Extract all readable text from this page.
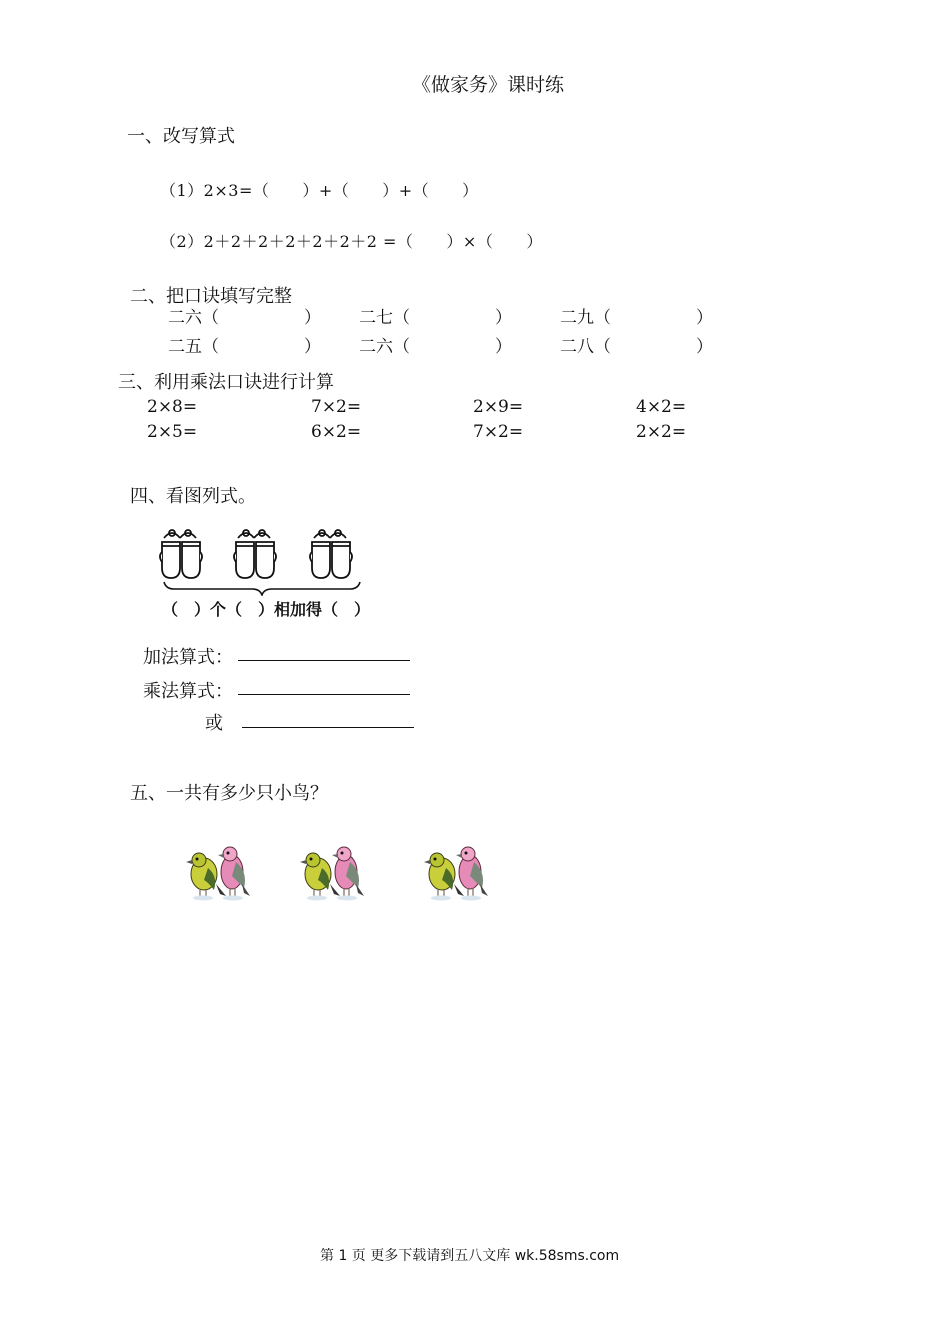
《做家务》课时练
一、改写算式
（1）2×3=（　　）+（　　）+（　　）
（2）2＋2＋2＋2＋2＋2＋2 =（　　）×（　　）
二、把口诀填写完整
二六（　　　　　） 二七（　　　　　）	二九（　　　　　）
二五（　　　　　） 二六（　　　　　）	二八（　　　　　）
三、利用乘法口诀进行计算
2×8=	7×2=	2×9=	4×2=
2×5=	6×2=	7×2=	2×2=
四、看图列式。
（　）个（　）相加得（　）
加法算式：
乘法算式：
或
五、一共有多少只小鸟？
第 1 页 更多下载请到五八文库 wk.58sms.com
